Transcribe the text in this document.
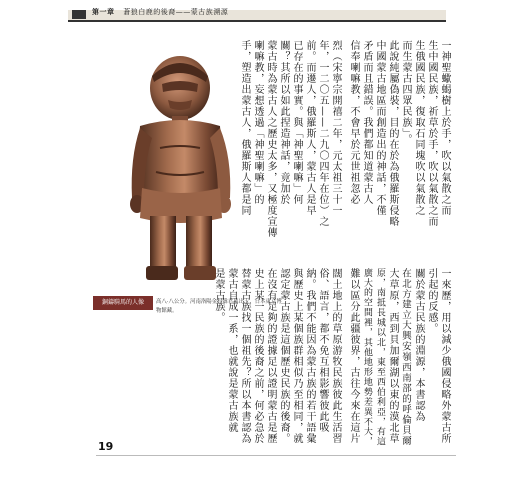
第一章 蒼狼白鹿的後裔——蒙古族溯源
銅鑄騎馬的人像	高八·八公分。河南洛陽金村韓君墓出土，日本東京博物館藏。
一神聖蠍蝎樹上於手，吹以氣散之而
生中國民族，祈草於手，吹以氣散之而
生俄國民族，復取石同塊吹以氣散之
而生蒙古四眾民族」。
此說純屬偽裝，目的在於為俄羅斯侵略
中國蒙古地區而創造出的神話，不僅
矛盾而且錯誤。我們都知道蒙古人
信奉喇嘛教，不會早於元世祖忽必
烈（宋寧宗開禧二年，元太祖三十一
年，一二〇五——二九〇四年在位）之
前。而遷人，俄羅斯人，蒙古人是早
已存在的事實。與「神聖喇嘛」何
關？其所以如此捏造神話，竟加於
蒙古時為蒙古人之歷史太多，又極度宣傳
喇嘛教，妄想透過「神聖喇嘛」的
手，塑造出蒙古人，俄羅斯人都是同
一來歷，用以減少俄國侵略外蒙古所
引起的反感。
關於蒙古民族的淵源，本書認為
在北方建立大興安嶺西南部的呼倫貝爾
大草原，西到貝加爾湖以東的漠北草
原，南抵長城以北，東至西伯利亞，有這
廣大的空間裡，其他地形地勢差異不大，
難以區分此疆彼界，古往今來在這片
闊土地上的草原游牧民族彼此生活習
俗、語言，都不免互相影響彼此吸
納。我們不能因為蒙古族的若干語彙
與歷史上某個族群相似乃至相同，就
認定蒙古族是這個歷史民族的後裔。
在沒有足夠的證據足以證明蒙古是歷
史上某一民族的後裔之前，何必急於
替蒙古族找一個祖先？所以本書認為
蒙古自成一系，也就說是蒙古族就
是蒙古族。
19
